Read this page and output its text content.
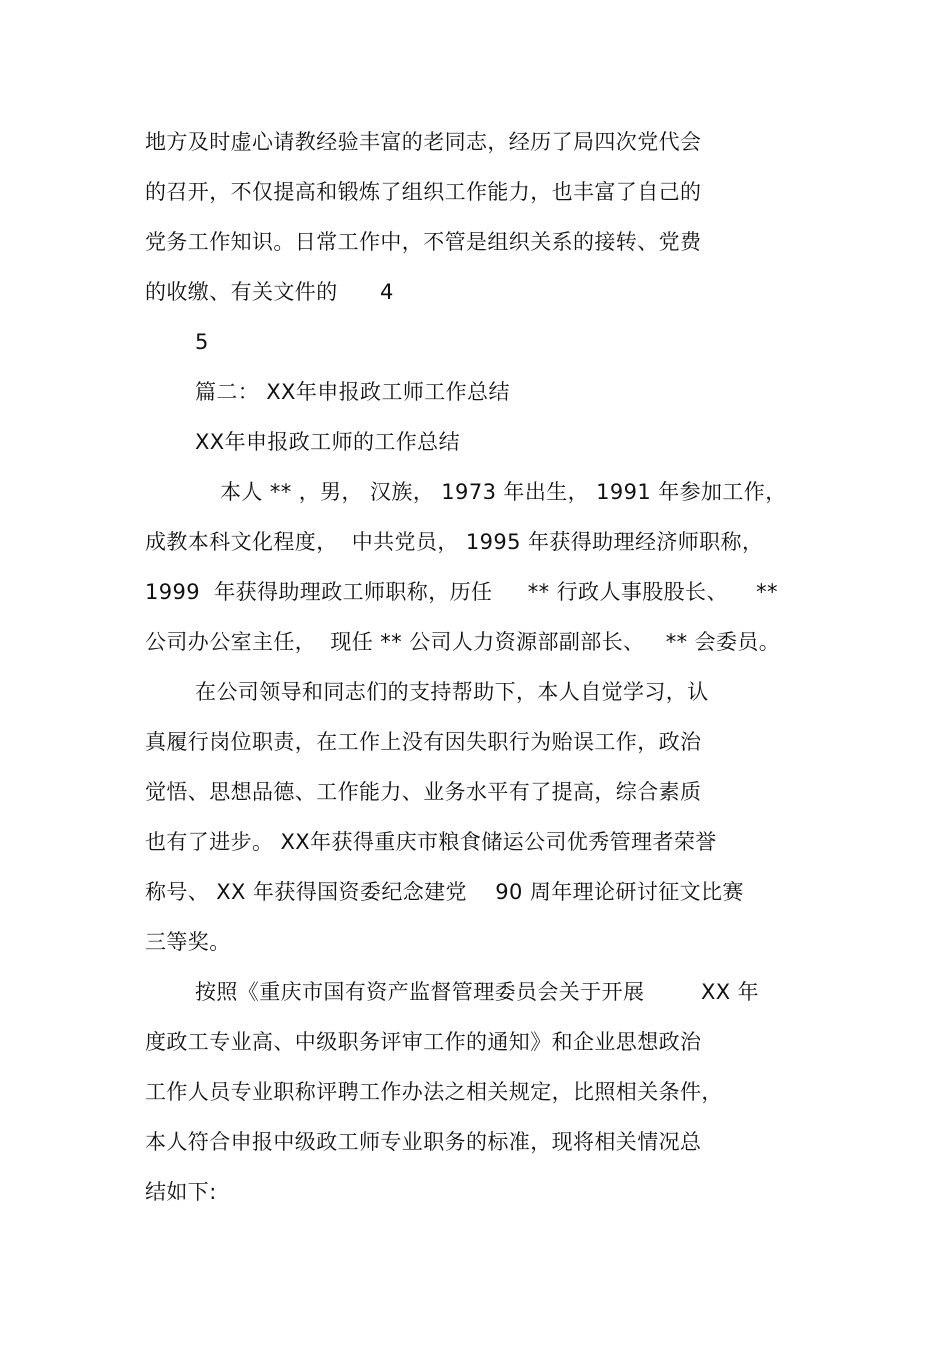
地方及时虚心请教经验丰富的老同志，经历了局四次党代会
的召开，不仅提高和锻炼了组织工作能力，也丰富了自己的
党务工作知识。日常工作中，不管是组织关系的接转、党费
的收缴、有关文件的      4
5
篇二： XX年申报政工师工作总结
XX年申报政工师的工作总结
本人 ** ，男， 汉族， 1973 年出生， 1991 年参加工作，
成教本科文化程度，  中共党员， 1995 年获得助理经济师职称，
1999  年获得助理政工师职称，历任     ** 行政人事股股长、    **
公司办公室主任，  现任 ** 公司人力资源部副部长、   ** 会委员。
在公司领导和同志们的支持帮助下，本人自觉学习，认
真履行岗位职责，在工作上没有因失职行为贻误工作，政治
觉悟、思想品德、工作能力、业务水平有了提高，综合素质
也有了进步。 XX年获得重庆市粮食储运公司优秀管理者荣誉
称号、 XX 年获得国资委纪念建党    90 周年理论研讨征文比赛
三等奖。
按照《重庆市国有资产监督管理委员会关于开展        XX 年
度政工专业高、中级职务评审工作的通知》和企业思想政治
工作人员专业职称评聘工作办法之相关规定，比照相关条件，
本人符合申报中级政工师专业职务的标准，现将相关情况总
结如下:
